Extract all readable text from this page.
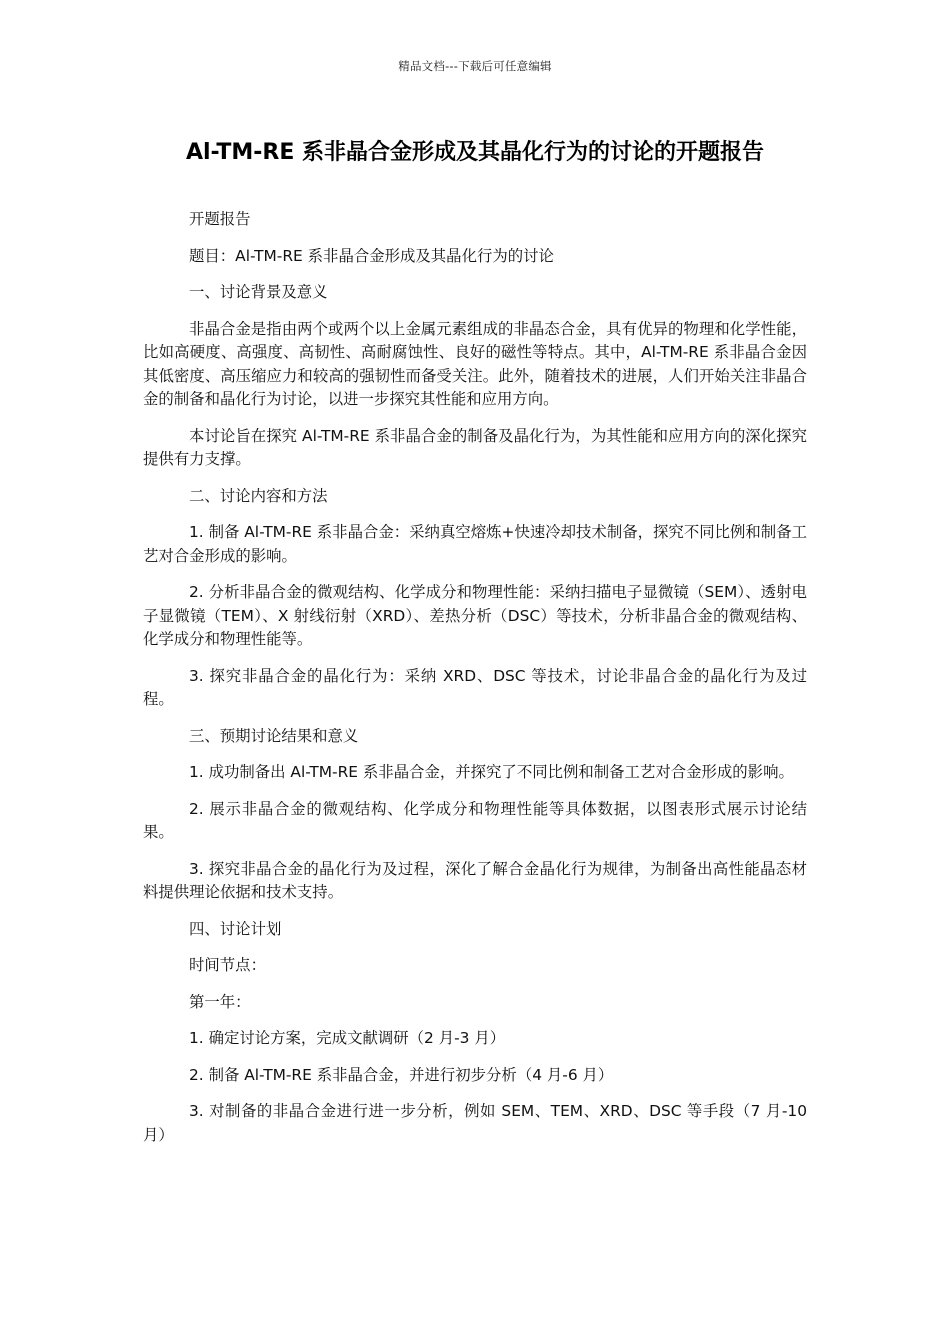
精品文档---下载后可任意编辑
Al-TM-RE 系非晶合金形成及其晶化行为的讨论的开题报告

开题报告

题目：Al-TM-RE 系非晶合金形成及其晶化行为的讨论

一、讨论背景及意义

非晶合金是指由两个或两个以上金属元素组成的非晶态合金，具有优异的物理和化学性能，比如高硬度、高强度、高韧性、高耐腐蚀性、良好的磁性等特点。其中，Al-TM-RE 系非晶合金因其低密度、高压缩应力和较高的强韧性而备受关注。此外，随着技术的进展，人们开始关注非晶合金的制备和晶化行为讨论，以进一步探究其性能和应用方向。

本讨论旨在探究 Al-TM-RE 系非晶合金的制备及晶化行为，为其性能和应用方向的深化探究提供有力支撑。

二、讨论内容和方法

1. 制备 Al-TM-RE 系非晶合金：采纳真空熔炼+快速冷却技术制备，探究不同比例和制备工艺对合金形成的影响。

2. 分析非晶合金的微观结构、化学成分和物理性能：采纳扫描电子显微镜（SEM）、透射电子显微镜（TEM）、X 射线衍射（XRD）、差热分析（DSC）等技术，分析非晶合金的微观结构、化学成分和物理性能等。

3. 探究非晶合金的晶化行为：采纳 XRD、DSC 等技术，讨论非晶合金的晶化行为及过程。

三、预期讨论结果和意义

1. 成功制备出 Al-TM-RE 系非晶合金，并探究了不同比例和制备工艺对合金形成的影响。

2. 展示非晶合金的微观结构、化学成分和物理性能等具体数据，以图表形式展示讨论结果。

3. 探究非晶合金的晶化行为及过程，深化了解合金晶化行为规律，为制备出高性能晶态材料提供理论依据和技术支持。

四、讨论计划

时间节点：

第一年：

1. 确定讨论方案，完成文献调研（2 月-3 月）

2. 制备 Al-TM-RE 系非晶合金，并进行初步分析（4 月-6 月）

3. 对制备的非晶合金进行进一步分析，例如 SEM、TEM、XRD、DSC 等手段（7 月-10 月）
